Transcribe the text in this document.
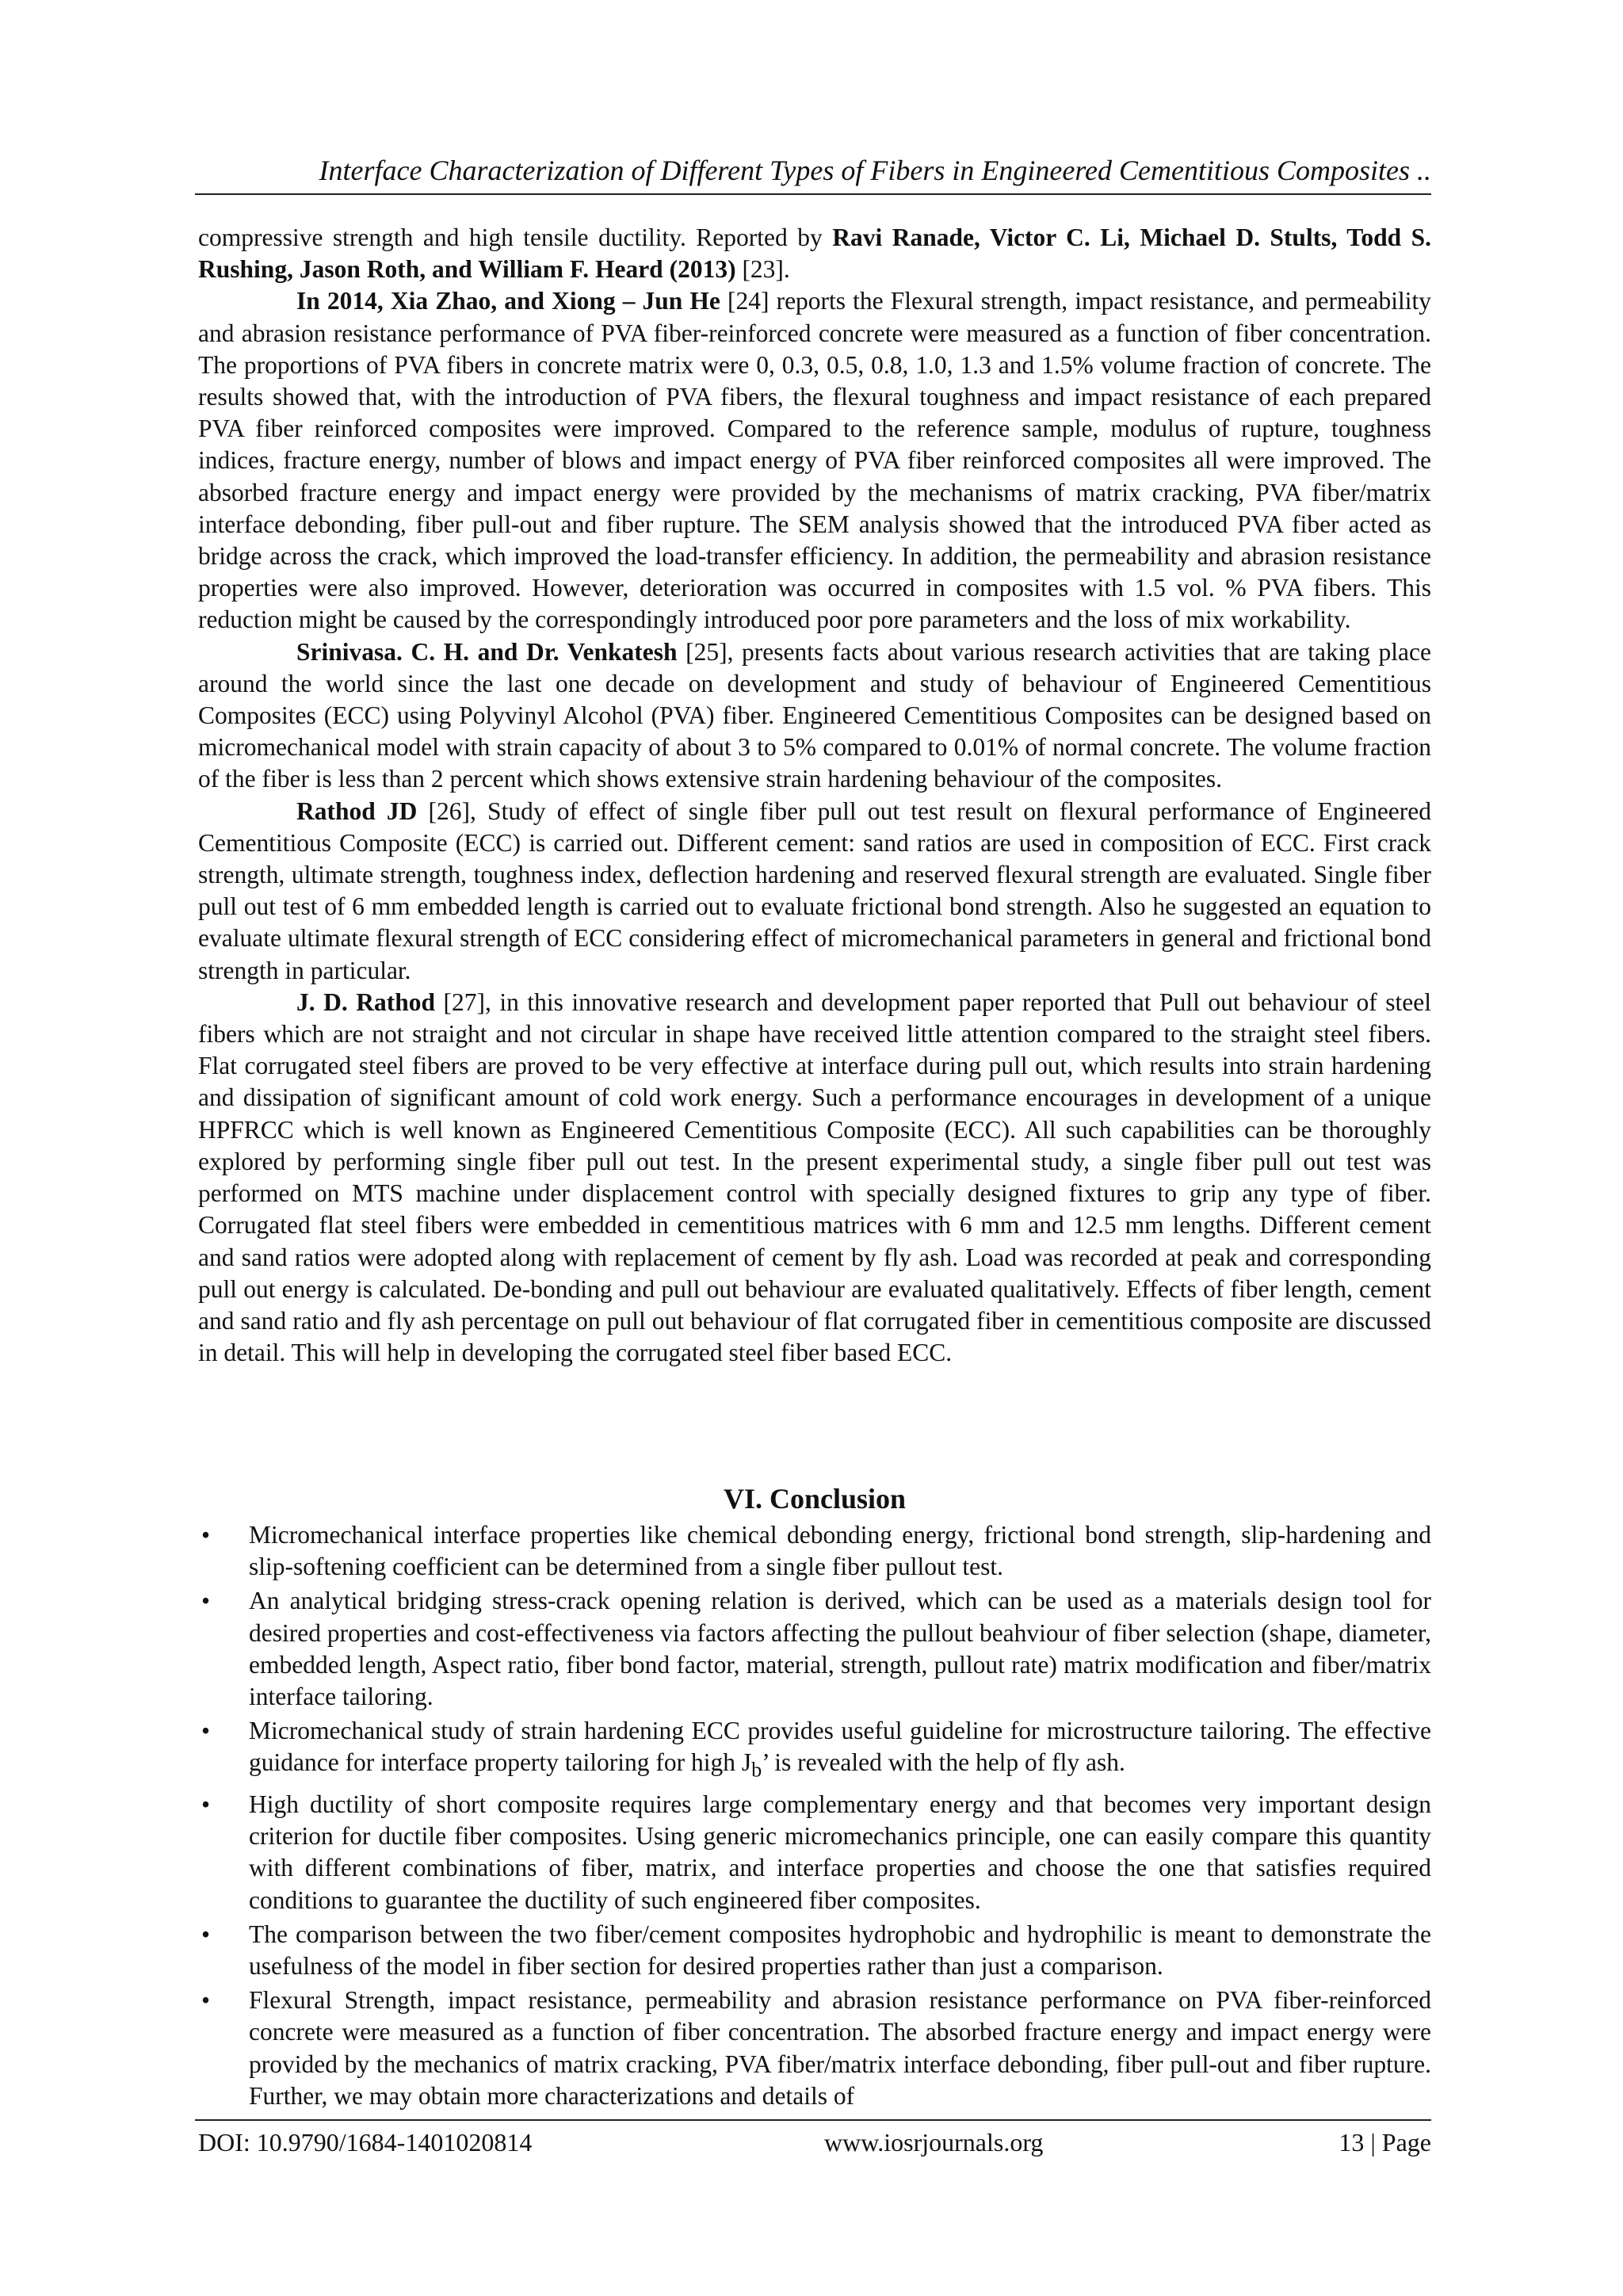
Interface Characterization of Different Types of Fibers in Engineered Cementitious Composites ..

compressive strength and high tensile ductility. Reported by Ravi Ranade, Victor C. Li, Michael D. Stults, Todd S. Rushing, Jason Roth, and William F. Heard (2013) [23].

In 2014, Xia Zhao, and Xiong – Jun He [24] reports the Flexural strength, impact resistance, and permeability and abrasion resistance performance of PVA fiber-reinforced concrete were measured as a function of fiber concentration. The proportions of PVA fibers in concrete matrix were 0, 0.3, 0.5, 0.8, 1.0, 1.3 and 1.5% volume fraction of concrete. The results showed that, with the introduction of PVA fibers, the flexural toughness and impact resistance of each prepared PVA fiber reinforced composites were improved. Compared to the reference sample, modulus of rupture, toughness indices, fracture energy, number of blows and impact energy of PVA fiber reinforced composites all were improved. The absorbed fracture energy and impact energy were provided by the mechanisms of matrix cracking, PVA fiber/matrix interface debonding, fiber pull-out and fiber rupture. The SEM analysis showed that the introduced PVA fiber acted as bridge across the crack, which improved the load-transfer efficiency. In addition, the permeability and abrasion resistance properties were also improved. However, deterioration was occurred in composites with 1.5 vol. % PVA fibers. This reduction might be caused by the correspondingly introduced poor pore parameters and the loss of mix workability.

Srinivasa. C. H. and Dr. Venkatesh [25], presents facts about various research activities that are taking place around the world since the last one decade on development and study of behaviour of Engineered Cementitious Composites (ECC) using Polyvinyl Alcohol (PVA) fiber. Engineered Cementitious Composites can be designed based on micromechanical model with strain capacity of about 3 to 5% compared to 0.01% of normal concrete. The volume fraction of the fiber is less than 2 percent which shows extensive strain hardening behaviour of the composites.

Rathod JD [26], Study of effect of single fiber pull out test result on flexural performance of Engineered Cementitious Composite (ECC) is carried out. Different cement: sand ratios are used in composition of ECC. First crack strength, ultimate strength, toughness index, deflection hardening and reserved flexural strength are evaluated. Single fiber pull out test of 6 mm embedded length is carried out to evaluate frictional bond strength. Also he suggested an equation to evaluate ultimate flexural strength of ECC considering effect of micromechanical parameters in general and frictional bond strength in particular.

J. D. Rathod [27], in this innovative research and development paper reported that Pull out behaviour of steel fibers which are not straight and not circular in shape have received little attention compared to the straight steel fibers. Flat corrugated steel fibers are proved to be very effective at interface during pull out, which results into strain hardening and dissipation of significant amount of cold work energy. Such a performance encourages in development of a unique HPFRCC which is well known as Engineered Cementitious Composite (ECC). All such capabilities can be thoroughly explored by performing single fiber pull out test. In the present experimental study, a single fiber pull out test was performed on MTS machine under displacement control with specially designed fixtures to grip any type of fiber. Corrugated flat steel fibers were embedded in cementitious matrices with 6 mm and 12.5 mm lengths. Different cement and sand ratios were adopted along with replacement of cement by fly ash. Load was recorded at peak and corresponding pull out energy is calculated. De-bonding and pull out behaviour are evaluated qualitatively. Effects of fiber length, cement and sand ratio and fly ash percentage on pull out behaviour of flat corrugated fiber in cementitious composite are discussed in detail. This will help in developing the corrugated steel fiber based ECC.

VI. Conclusion
• Micromechanical interface properties like chemical debonding energy, frictional bond strength, slip-hardening and slip-softening coefficient can be determined from a single fiber pullout test.
• An analytical bridging stress-crack opening relation is derived, which can be used as a materials design tool for desired properties and cost-effectiveness via factors affecting the pullout beahviour of fiber selection (shape, diameter, embedded length, Aspect ratio, fiber bond factor, material, strength, pullout rate) matrix modification and fiber/matrix interface tailoring.
• Micromechanical study of strain hardening ECC provides useful guideline for microstructure tailoring. The effective guidance for interface property tailoring for high $J_b$’ is revealed with the help of fly ash.
• High ductility of short composite requires large complementary energy and that becomes very important design criterion for ductile fiber composites. Using generic micromechanics principle, one can easily compare this quantity with different combinations of fiber, matrix, and interface properties and choose the one that satisfies required conditions to guarantee the ductility of such engineered fiber composites.
• The comparison between the two fiber/cement composites hydrophobic and hydrophilic is meant to demonstrate the usefulness of the model in fiber section for desired properties rather than just a comparison.
• Flexural Strength, impact resistance, permeability and abrasion resistance performance on PVA fiber-reinforced concrete were measured as a function of fiber concentration. The absorbed fracture energy and impact energy were provided by the mechanics of matrix cracking, PVA fiber/matrix interface debonding, fiber pull-out and fiber rupture. Further, we may obtain more characterizations and details of
DOI: 10.9790/1684-1401020814	www.iosrjournals.org	13 | Page
